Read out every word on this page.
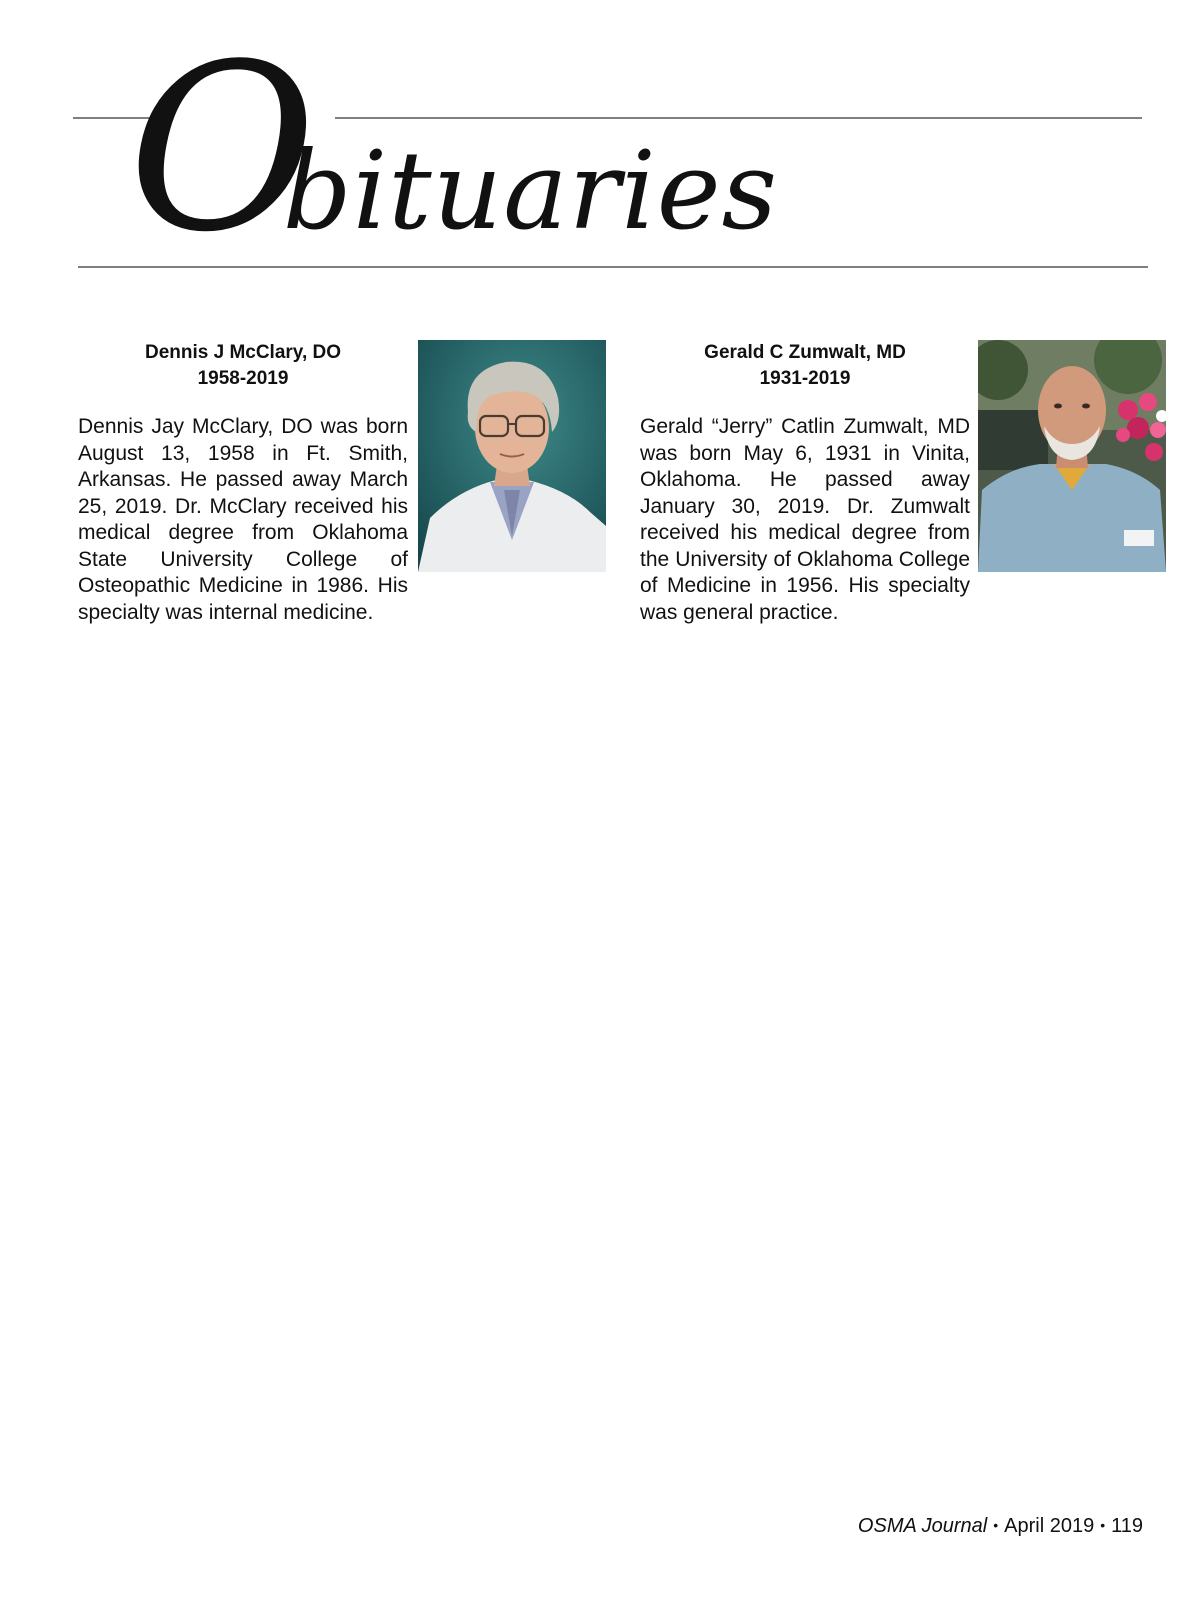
Obituaries

Dennis J McClary, DO

1958-2019

Dennis Jay McClary, DO was born August 13, 1958 in Ft. Smith, Arkansas. He passed away March 25, 2019. Dr. McClary received his medical degree from Oklahoma State University College of Osteopathic Medicine in 1986. His specialty was internal medicine.

Gerald C Zumwalt, MD

1931-2019

Gerald “Jerry” Catlin Zumwalt, MD was born May 6, 1931 in Vinita, Oklahoma. He passed away January 30, 2019. Dr. Zumwalt received his medical degree from the University of Oklahoma College of Medicine in 1956. His specialty was general practice.

OSMA Journal • April 2019 • 119
